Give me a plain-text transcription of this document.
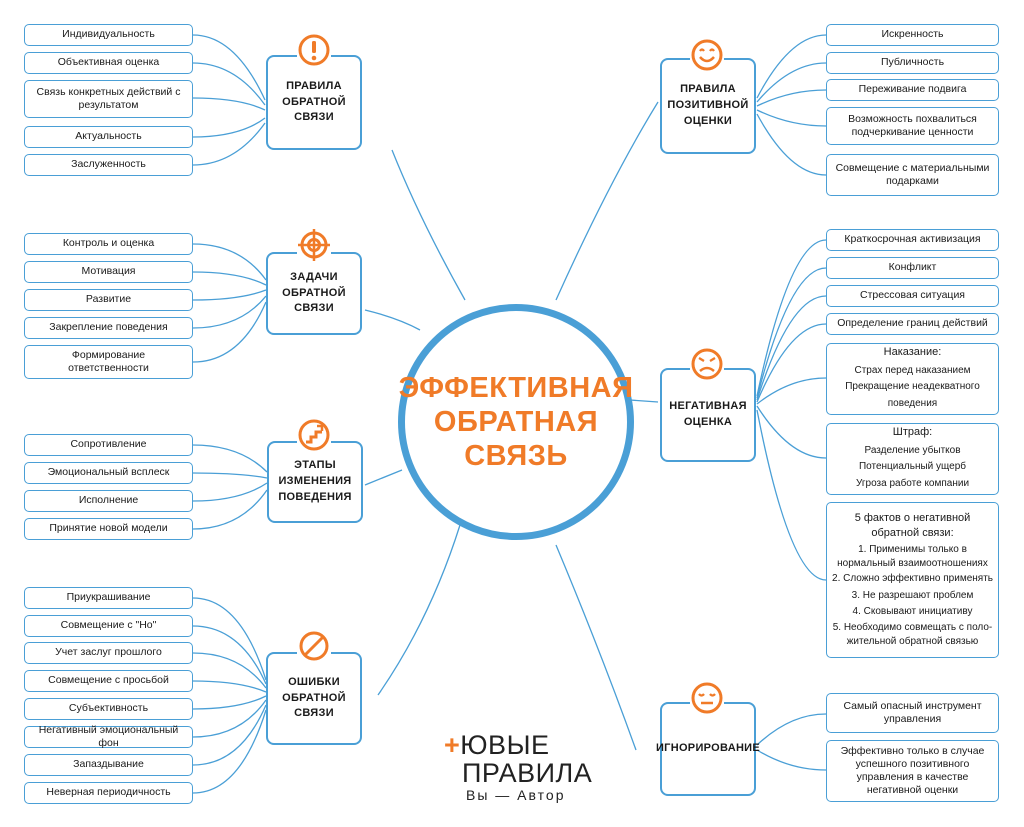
ЭФФЕКТИВНАЯ
ОБРАТНАЯ
СВЯЗЬ
ПРАВИЛА
ОБРАТНОЙ
СВЯЗИ
Индивидуальность
Объективная оценка
Связь конкретных действий с результатом
Актуальность
Заслуженность
ЗАДАЧИ
ОБРАТНОЙ
СВЯЗИ
Контроль и оценка
Мотивация
Развитие
Закрепление поведения
Формирование ответственности
ЭТАПЫ
ИЗМЕНЕНИЯ
ПОВЕДЕНИЯ
Сопротивление
Эмоциональный всплеск
Исполнение
Принятие новой модели
ОШИБКИ
ОБРАТНОЙ
СВЯЗИ
Приукрашивание
Совмещение с "Но"
Учет заслуг прошлого
Совмещение с просьбой
Субъективность
Негативный эмоциональный фон
Запаздывание
Неверная периодичность
ПРАВИЛА
ПОЗИТИВНОЙ
ОЦЕНКИ
Искренность
Публичность
Переживание подвига
Возможность похвалиться подчеркивание ценности
Совмещение с материальными подарками
НЕГАТИВНАЯ
ОЦЕНКА
Краткосрочная активизация
Конфликт
Стрессовая ситуация
Определение границ действий
Наказание:
Страх перед наказанием
Прекращение неадекватного
поведения
Штраф:
Разделение убытков
Потенциальный ущерб
Угроза работе компании
5 фактов о негативной обратной связи:
1. Применимы только в нормальный взаимоотношениях
2. Сложно эффективно применять
3. Не разрешают проблем
4. Сковывают инициативу
5. Необходимо совмещать с поло-жительной обратной связью
ИГНОРИРОВАНИЕ
Самый опасный инструмент управления
Эффективно только в случае успешного позитивного управления в качестве негативной оценки
+ЮВЫЕ
ПРАВИЛА
Вы — Автор
